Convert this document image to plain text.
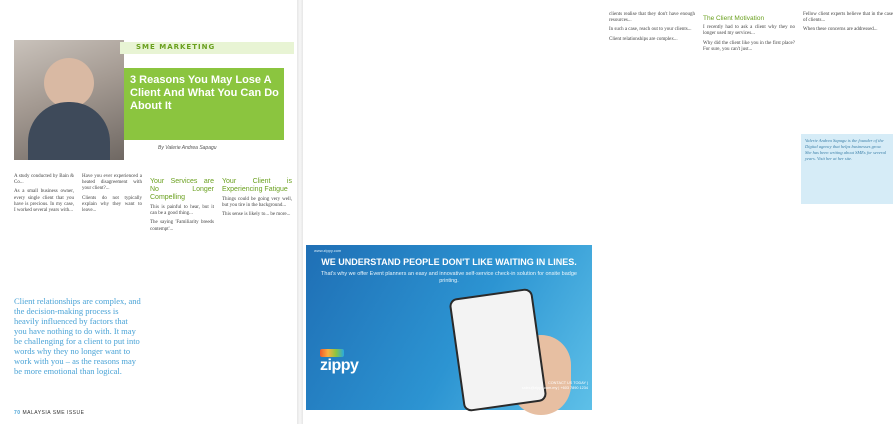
SME MARKETING
3 Reasons You May Lose A Client And What You Can Do About It
By Valerie Andrea Sapagu

A study conducted by Bain & Co...

As a small business owner, every single client that you have is precious. In my case, I worked several years with...

Have you ever experienced a heated disagreement with your client?...

Clients do not typically explain why they want to leave...

Your Services are No Longer Compelling

This is painful to hear, but it can be a good thing...

The saying 'Familiarity breeds contempt'...

Your Client is Experiencing Fatigue

Things could be going very well, but you tire in the background...

This sense is likely to... be more...

Client relationships are complex, and the decision-making process is heavily influenced by factors that you have nothing to do with. It may be challenging for a client to put into words why they no longer want to work with you – as the reasons may be more emotional than logical.
70 MALAYSIA SME ISSUE

clients realise that they don't have enough resources...

In such a case, reach out to your clients...

Client relationships are complex...

The Client Motivation

I recently had to ask a client why they no longer used my services...

Why did the client like you in the first place? For sure, you can't just...

Fellow client experts believe that in the case of clients...

When these concerns are addressed...

Valerie Andrea Sapagu is the founder of the Digital agency that helps businesses grow. She has been writing about SMEs for several years. Visit her at her site.
www.zippy.com
WE UNDERSTAND PEOPLE DON'T LIKE WAITING IN LINES.
That's why we offer Event planners an easy and innovative self-service check-in solution for onsite badge printing.
zippy
CONTACT US TODAY | sales@zippy.com.my | +603 7890 1234
